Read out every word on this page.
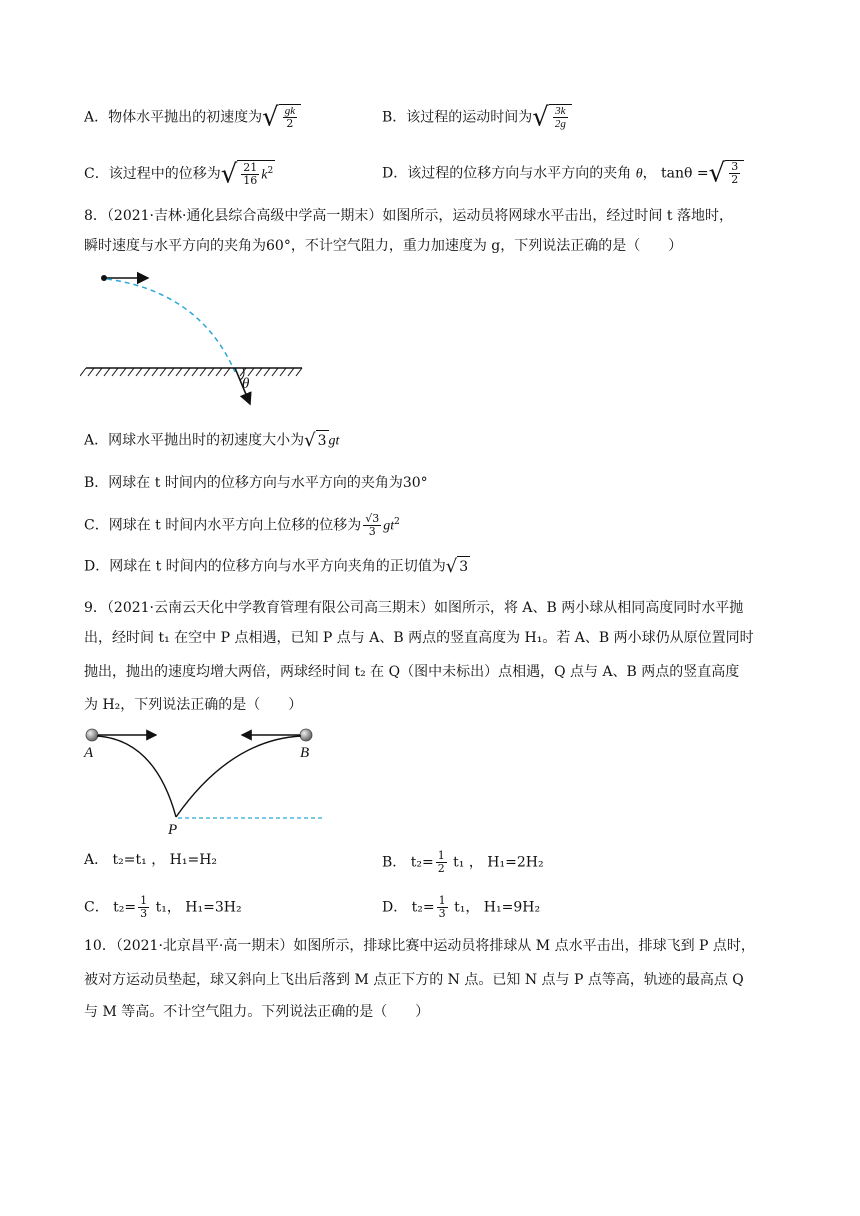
A．物体水平抛出的初速度为√ $\frac{gk}{2}$	B．该过程的运动时间为√ $\frac{3k}{2g}$
C．该过程中的位移为√ $\frac{21}{16} k^2$	D．该过程的位移方向与水平方向的夹角 θ， tanθ =√ $\frac{3}{2}$
8．（2021·吉林·通化县综合高级中学高一期末）如图所示，运动员将网球水平击出，经过时间 t 落地时，
瞬时速度与水平方向的夹角为60°，不计空气阻力，重力加速度为 g，下列说法正确的是（　　）
θ
A．网球水平抛出时的初速度大小为√ 3 gt
B．网球在 t 时间内的位移方向与水平方向的夹角为30°
C．网球在 t 时间内水平方向上位移的位移为 $\frac{√3}{3} gt^2$
D．网球在 t 时间内的位移方向与水平方向夹角的正切值为√ 3
9．（2021·云南云天化中学教育管理有限公司高三期末）如图所示，将 A、B 两小球从相同高度同时水平抛
出，经时间 t₁ 在空中 P 点相遇，已知 P 点与 A、B 两点的竖直高度为 H₁。若 A、B 两小球仍从原位置同时
抛出，抛出的速度均增大两倍，两球经时间 t₂ 在 Q（图中未标出）点相遇，Q 点与 A、B 两点的竖直高度
为 H₂，下列说法正确的是（　　）
A	B
P
A． t₂=t₁ ， H₁=H₂	B． $t_2= \frac{1}{2} t_1$ ， H₁=2H₂
C． $t_2= \frac{1}{3} t_1$， H₁=3H₂	D． $t_2= \frac{1}{3} t_1$， H₁=9H₂
10．（2021·北京昌平·高一期末）如图所示，排球比赛中运动员将排球从 M 点水平击出，排球飞到 P 点时，
被对方运动员垫起，球又斜向上飞出后落到 M 点正下方的 N 点。已知 N 点与 P 点等高，轨迹的最高点 Q
与 M 等高。不计空气阻力。下列说法正确的是（　　）
